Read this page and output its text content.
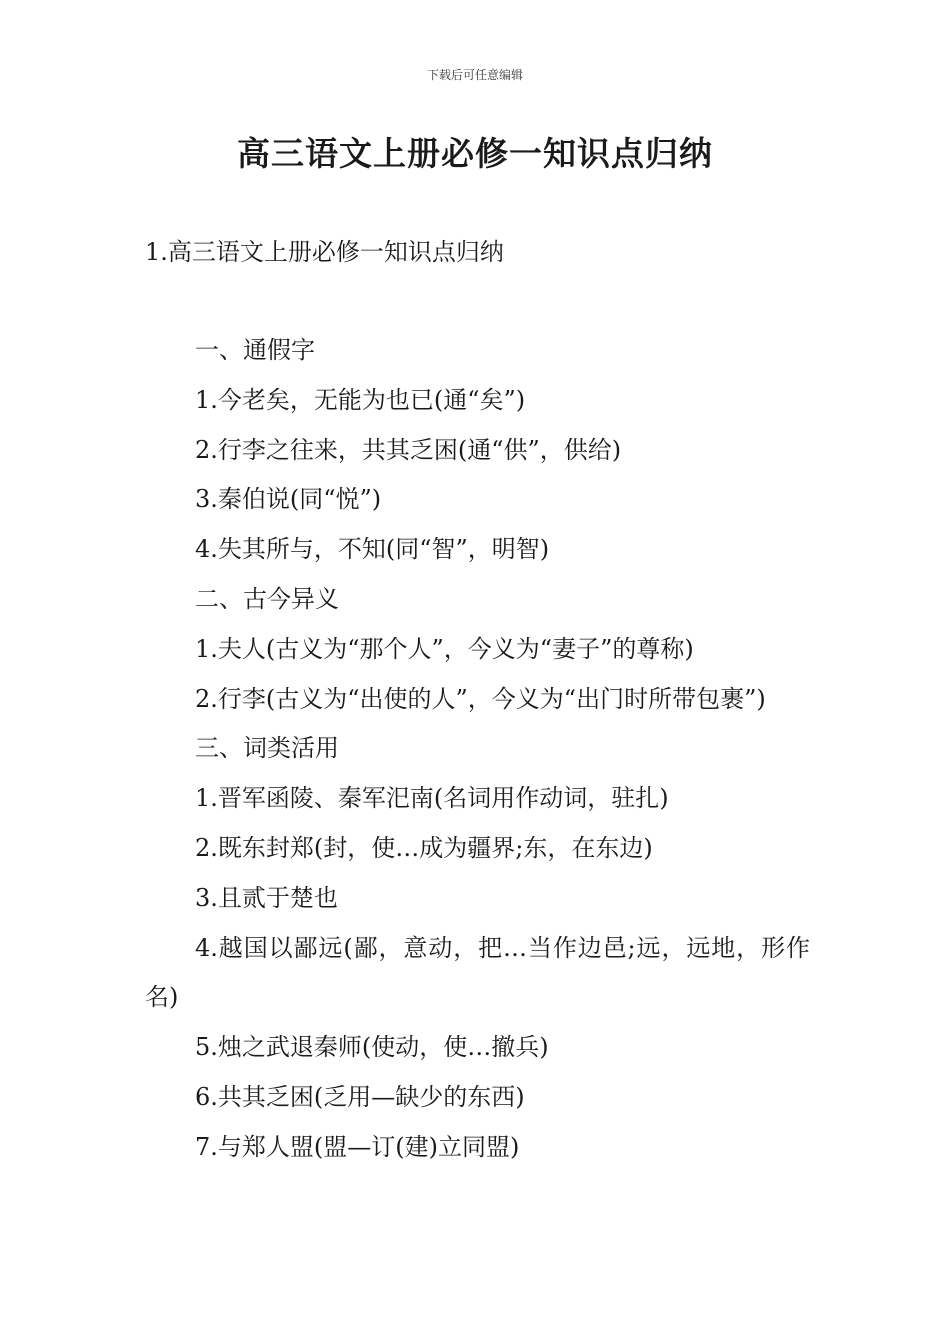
下载后可任意编辑
高三语文上册必修一知识点归纳
1.高三语文上册必修一知识点归纳

一、通假字

1.今老矣，无能为也已(通“矣”)

2.行李之往来，共其乏困(通“供”，供给)

3.秦伯说(同“悦”)

4.失其所与，不知(同“智”，明智)

二、古今异义

1.夫人(古义为“那个人”，今义为“妻子”的尊称)

2.行李(古义为“出使的人”，今义为“出门时所带包裹”)

三、词类活用

1.晋军函陵、秦军汜南(名词用作动词，驻扎)

2.既东封郑(封，使…成为疆界;东，在东边)

3.且贰于楚也

4.越国以鄙远(鄙，意动，把…当作边邑;远，远地，形作名)

5.烛之武退秦师(使动，使…撤兵)

6.共其乏困(乏用—缺少的东西)

7.与郑人盟(盟—订(建)立同盟)
